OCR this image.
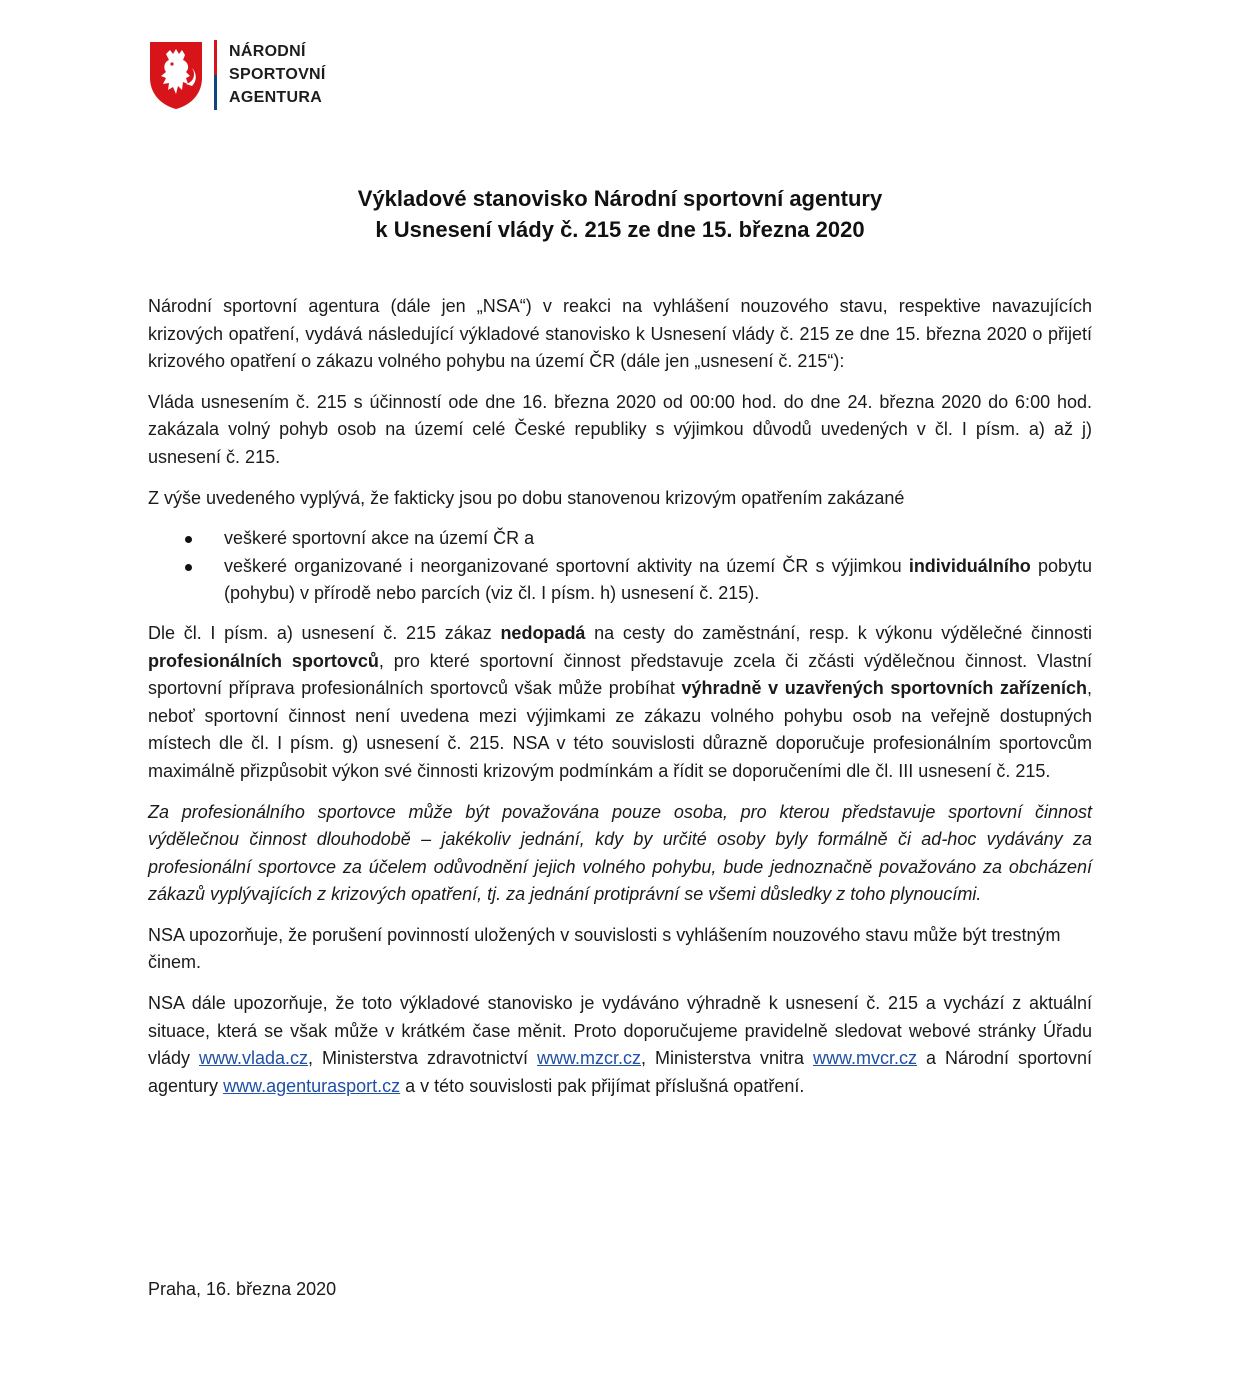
NÁRODNÍ
SPORTOVNÍ
AGENTURA
Výkladové stanovisko Národní sportovní agentury
k Usnesení vlády č. 215 ze dne 15. března 2020

Národní sportovní agentura (dále jen „NSA“) v reakci na vyhlášení nouzového stavu, respektive navazujících krizových opatření, vydává následující výkladové stanovisko k Usnesení vlády č. 215 ze dne 15. března 2020 o přijetí krizového opatření o zákazu volného pohybu na území ČR (dále jen „usnesení č. 215“):

Vláda usnesením č. 215 s účinností ode dne 16. března 2020 od 00:00 hod. do dne 24. března 2020 do 6:00 hod. zakázala volný pohyb osob na území celé České republiky s výjimkou důvodů uvedených v čl. I písm. a) až j) usnesení č. 215.

Z výše uvedeného vyplývá, že fakticky jsou po dobu stanovenou krizovým opatřením zakázané

veškeré sportovní akce na území ČR a
veškeré organizované i neorganizované sportovní aktivity na území ČR s výjimkou individuálního pobytu (pohybu) v přírodě nebo parcích (viz čl. I písm. h) usnesení č. 215).

Dle čl. I písm. a) usnesení č. 215 zákaz nedopadá na cesty do zaměstnání, resp. k výkonu výdělečné činnosti profesionálních sportovců, pro které sportovní činnost představuje zcela či zčásti výdělečnou činnost. Vlastní sportovní příprava profesionálních sportovců však může probíhat výhradně v uzavřených sportovních zařízeních, neboť sportovní činnost není uvedena mezi výjimkami ze zákazu volného pohybu osob na veřejně dostupných místech dle čl. I písm. g) usnesení č. 215. NSA v této souvislosti důrazně doporučuje profesionálním sportovcům maximálně přizpůsobit výkon své činnosti krizovým podmínkám a řídit se doporučeními dle čl. III usnesení č. 215.

Za profesionálního sportovce může být považována pouze osoba, pro kterou představuje sportovní činnost výdělečnou činnost dlouhodobě – jakékoliv jednání, kdy by určité osoby byly formálně či ad-hoc vydávány za profesionální sportovce za účelem odůvodnění jejich volného pohybu, bude jednoznačně považováno za obcházení zákazů vyplývajících z krizových opatření, tj. za jednání protiprávní se všemi důsledky z toho plynoucími.

NSA upozorňuje, že porušení povinností uložených v souvislosti s vyhlášením nouzového stavu může být trestným činem.

NSA dále upozorňuje, že toto výkladové stanovisko je vydáváno výhradně k usnesení č. 215 a vychází z aktuální situace, která se však může v krátkém čase měnit. Proto doporučujeme pravidelně sledovat webové stránky Úřadu vlády www.vlada.cz, Ministerstva zdravotnictví www.mzcr.cz, Ministerstva vnitra www.mvcr.cz a Národní sportovní agentury www.agenturasport.cz a v této souvislosti pak přijímat příslušná opatření.

Praha, 16. března 2020
